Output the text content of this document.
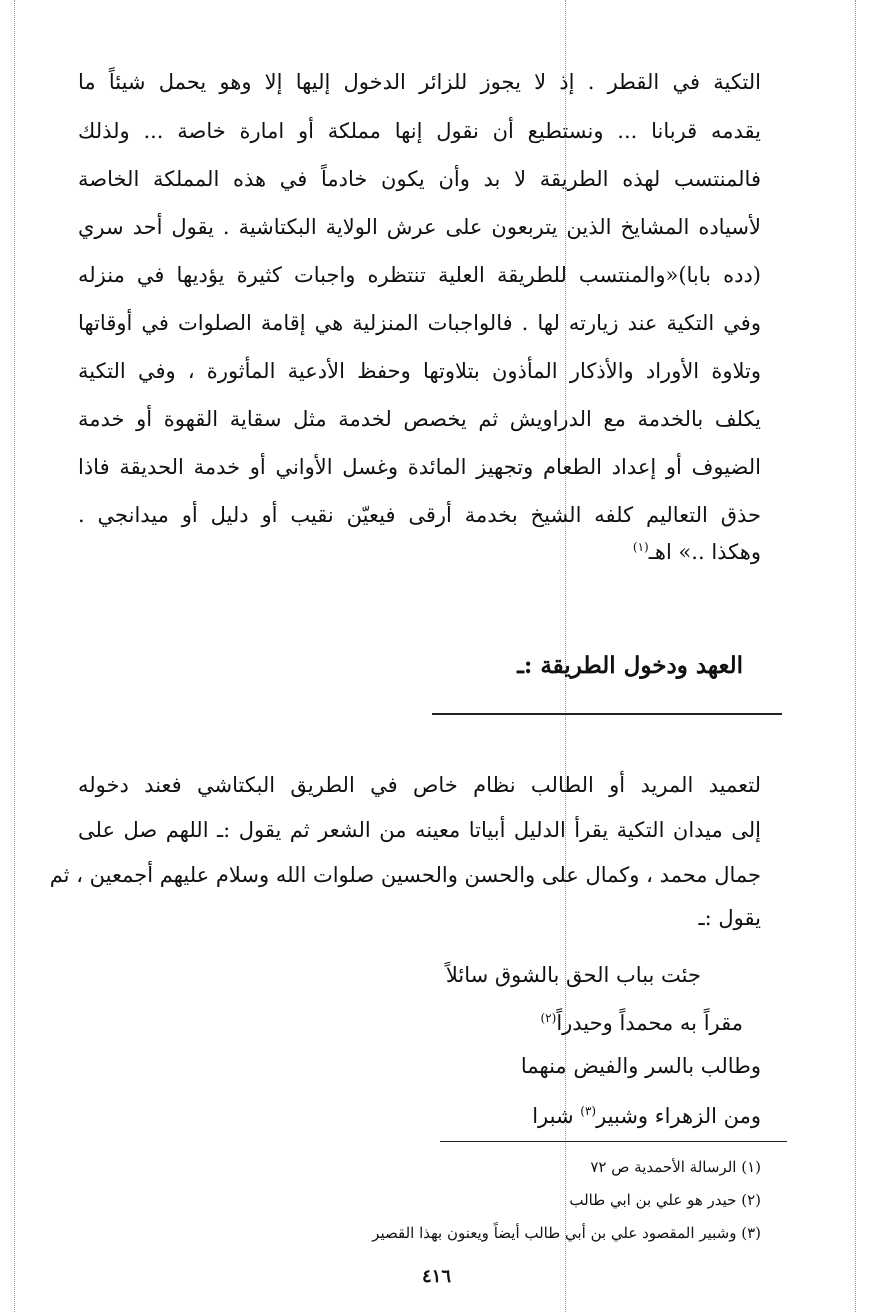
التكية في القطر . إذ لا يجوز للزائر الدخول إليها إلا وهو يحمل شيئاً ما
يقدمه قربانا ... ونستطيع أن نقول إنها مملكة أو امارة خاصة ... ولذلك
فالمنتسب لهذه الطريقة لا بد وأن يكون خادماً في هذه المملكة الخاصة
لأسياده المشايخ الذين يتربعون على عرش الولاية البكتاشية . يقول أحد سري
(دده بابا)«والمنتسب للطريقة العلية تنتظره واجبات كثيرة يؤديها في منزله
وفي التكية عند زيارته لها . فالواجبات المنزلية هي إقامة الصلوات في أوقاتها
وتلاوة الأوراد والأذكار المأذون بتلاوتها وحفظ الأدعية المأثورة ، وفي التكية
يكلف بالخدمة مع الدراويش ثم يخصص لخدمة مثل سقاية القهوة أو خدمة
الضيوف أو إعداد الطعام وتجهيز المائدة وغسل الأواني أو خدمة الحديقة فاذا
حذق التعاليم كلفه الشيخ بخدمة أرقى فيعيّن نقيب أو دليل أو ميدانجي .
وهكذا ..» اهـ$^{(١)}$
العهد ودخول الطريقة :ـ
لتعميد المريد أو الطالب نظام خاص في الطريق البكتاشي فعند دخوله
إلى ميدان التكية يقرأ الدليل أبياتا معينه من الشعر ثم يقول :ـ اللهم صل على
جمال محمد ، وكمال على والحسن والحسين صلوات الله وسلام عليهم أجمعين ، ثم
يقول :ـ
جئت بباب الحق بالشوق سائلاً
مقراً به محمداً وحيدراً$^{(٢)}$
وطالب بالسر والفيض منهما
ومن الزهراء وشبير$^{(٣)}$ شبرا
(١) الرسالة الأحمدية ص ٧٢
(٢) حيدر هو علي بن ابي طالب
(٣) وشبير المقصود علي بن أبي طالب أيضاً ويعنون بهذا القصير
٤١٦
